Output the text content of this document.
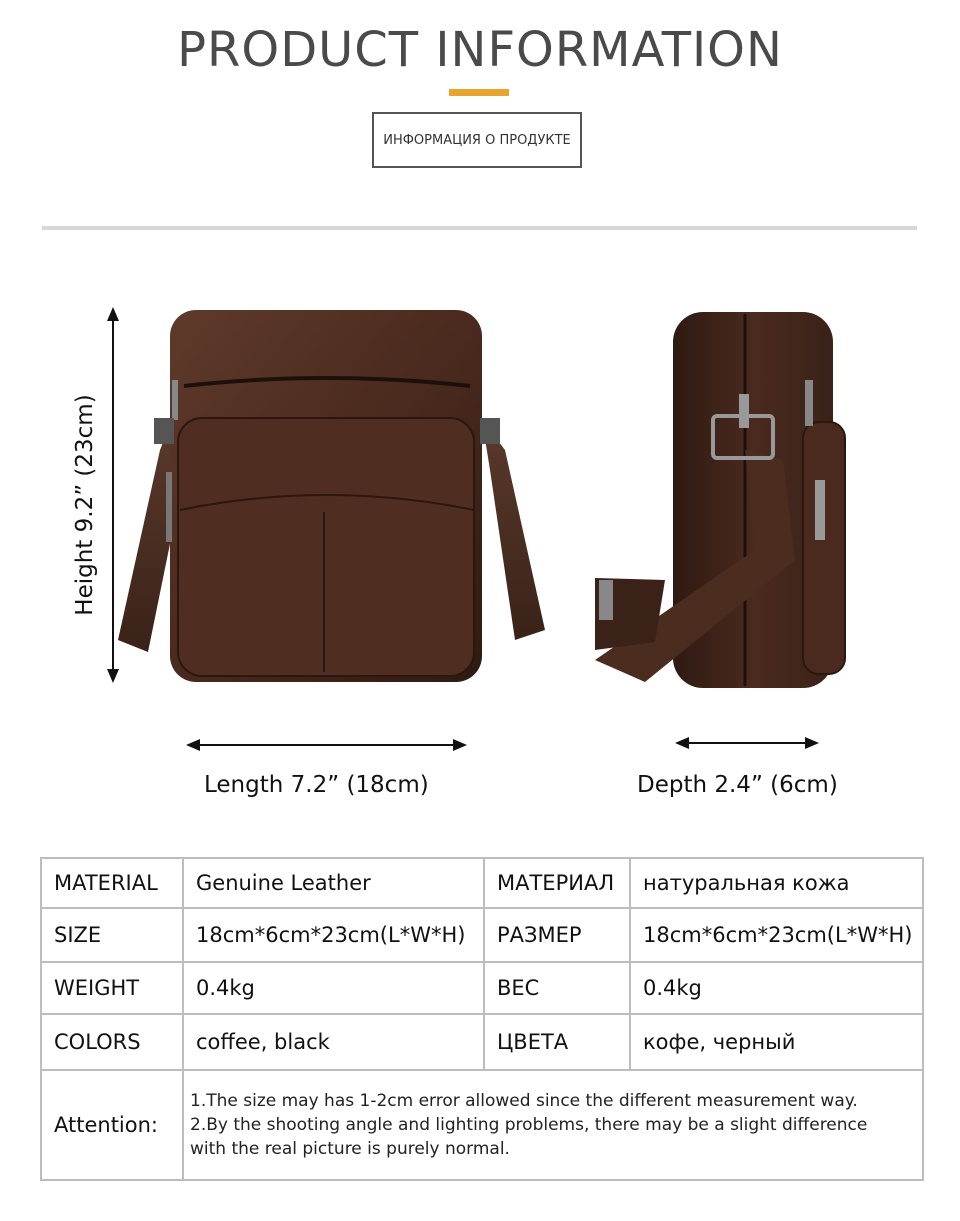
PRODUCT INFORMATION
ИНФОРМАЦИЯ О ПРОДУКТЕ
Height 9.2” (23cm)
Length 7.2” (18cm)	Depth 2.4” (6cm)
MATERIAL	Genuine Leather	МАТЕРИАЛ	натуральная кожа
SIZE	18cm*6cm*23cm(L*W*H)	РАЗМЕР	18cm*6cm*23cm(L*W*H)
WEIGHT	0.4kg	ВЕС	0.4kg
COLORS	coffee, black	ЦВЕТА	кофе, черный
Attention:	1.The size may has 1-2cm error allowed since the different measurement way.
2.By the shooting angle and lighting problems, there may be a slight difference
with the real picture is purely normal.		
